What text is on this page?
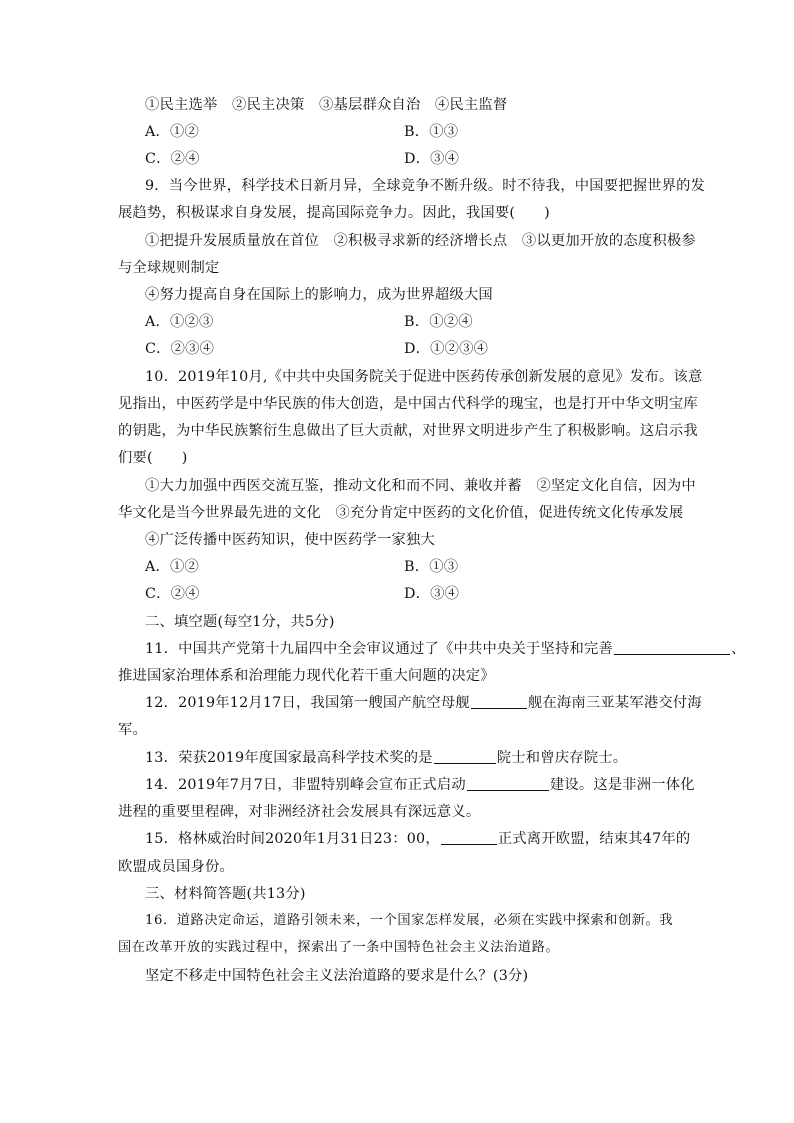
①民主选举　②民主决策　③基层群众自治　④民主监督
A．①②	B．①③
C．②④	D．③④
9．当今世界，科学技术日新月异，全球竞争不断升级。时不待我，中国要把握世界的发
展趋势，积极谋求自身发展，提高国际竞争力。因此，我国要(　　)
①把提升发展质量放在首位　②积极寻求新的经济增长点　③以更加开放的态度积极参
与全球规则制定
④努力提高自身在国际上的影响力，成为世界超级大国
A．①②③	B．①②④
C．②③④	D．①②③④
10．2019年10月,《中共中央国务院关于促进中医药传承创新发展的意见》发布。该意
见指出，中医药学是中华民族的伟大创造，是中国古代科学的瑰宝，也是打开中华文明宝库
的钥匙，为中华民族繁衍生息做出了巨大贡献，对世界文明进步产生了积极影响。这启示我
们要(　　)
①大力加强中西医交流互鉴，推动文化和而不同、兼收并蓄　②坚定文化自信，因为中
华文化是当今世界最先进的文化　③充分肯定中医药的文化价值，促进传统文化传承发展
④广泛传播中医药知识，使中医药学一家独大
A．①②	B．①③
C．②④	D．③④
二、填空题(每空1分，共5分)
11．中国共产党第十九届四中全会审议通过了《中共中央关于坚持和完善	、
推进国家治理体系和治理能力现代化若干重大问题的决定》
12．2019年12月17日，我国第一艘国产航空母舰	舰在海南三亚某军港交付海
军。
13．荣获2019年度国家最高科学技术奖的是	院士和曾庆存院士。
14．2019年7月7日，非盟特别峰会宣布正式启动	建设。这是非洲一体化
进程的重要里程碑，对非洲经济社会发展具有深远意义。
15．格林威治时间2020年1月31日23：00，	正式离开欧盟，结束其47年的
欧盟成员国身份。
三、材料简答题(共13分)
16．道路决定命运，道路引领未来，一个国家怎样发展，必须在实践中探索和创新。我
国在改革开放的实践过程中，探索出了一条中国特色社会主义法治道路。
坚定不移走中国特色社会主义法治道路的要求是什么？(3分)
